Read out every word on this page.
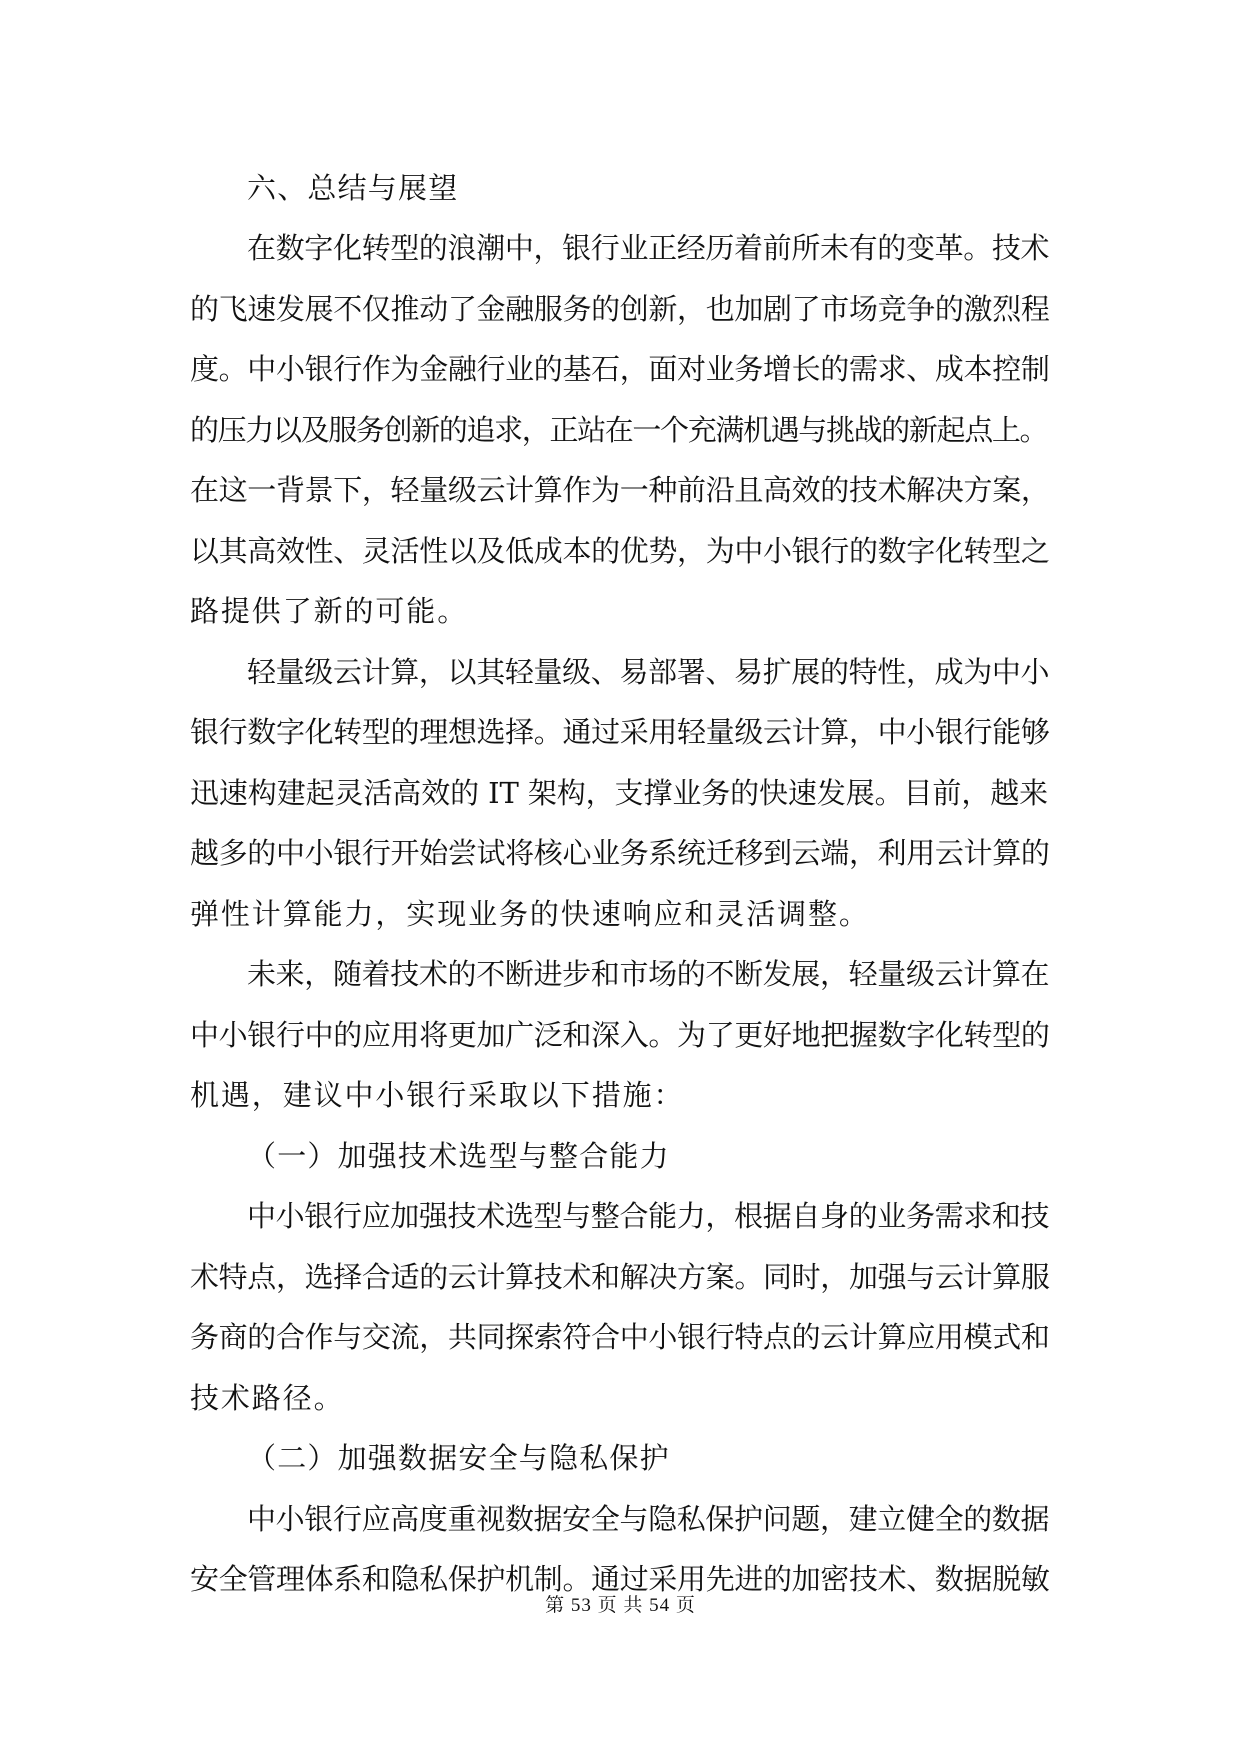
六、总结与展望
在数字化转型的浪潮中，银行业正经历着前所未有的变革。技术
的飞速发展不仅推动了金融服务的创新，也加剧了市场竞争的激烈程
度。中小银行作为金融行业的基石，面对业务增长的需求、成本控制
的压力以及服务创新的追求，正站在一个充满机遇与挑战的新起点上。
在这一背景下，轻量级云计算作为一种前沿且高效的技术解决方案，
以其高效性、灵活性以及低成本的优势，为中小银行的数字化转型之
路提供了新的可能。
轻量级云计算，以其轻量级、易部署、易扩展的特性，成为中小
银行数字化转型的理想选择。通过采用轻量级云计算，中小银行能够
迅速构建起灵活高效的 IT 架构，支撑业务的快速发展。目前，越来
越多的中小银行开始尝试将核心业务系统迁移到云端，利用云计算的
弹性计算能力，实现业务的快速响应和灵活调整。
未来，随着技术的不断进步和市场的不断发展，轻量级云计算在
中小银行中的应用将更加广泛和深入。为了更好地把握数字化转型的
机遇，建议中小银行采取以下措施：
（一）加强技术选型与整合能力
中小银行应加强技术选型与整合能力，根据自身的业务需求和技
术特点，选择合适的云计算技术和解决方案。同时，加强与云计算服
务商的合作与交流，共同探索符合中小银行特点的云计算应用模式和
技术路径。
（二）加强数据安全与隐私保护
中小银行应高度重视数据安全与隐私保护问题，建立健全的数据
安全管理体系和隐私保护机制。通过采用先进的加密技术、数据脱敏
第 53 页 共 54 页
